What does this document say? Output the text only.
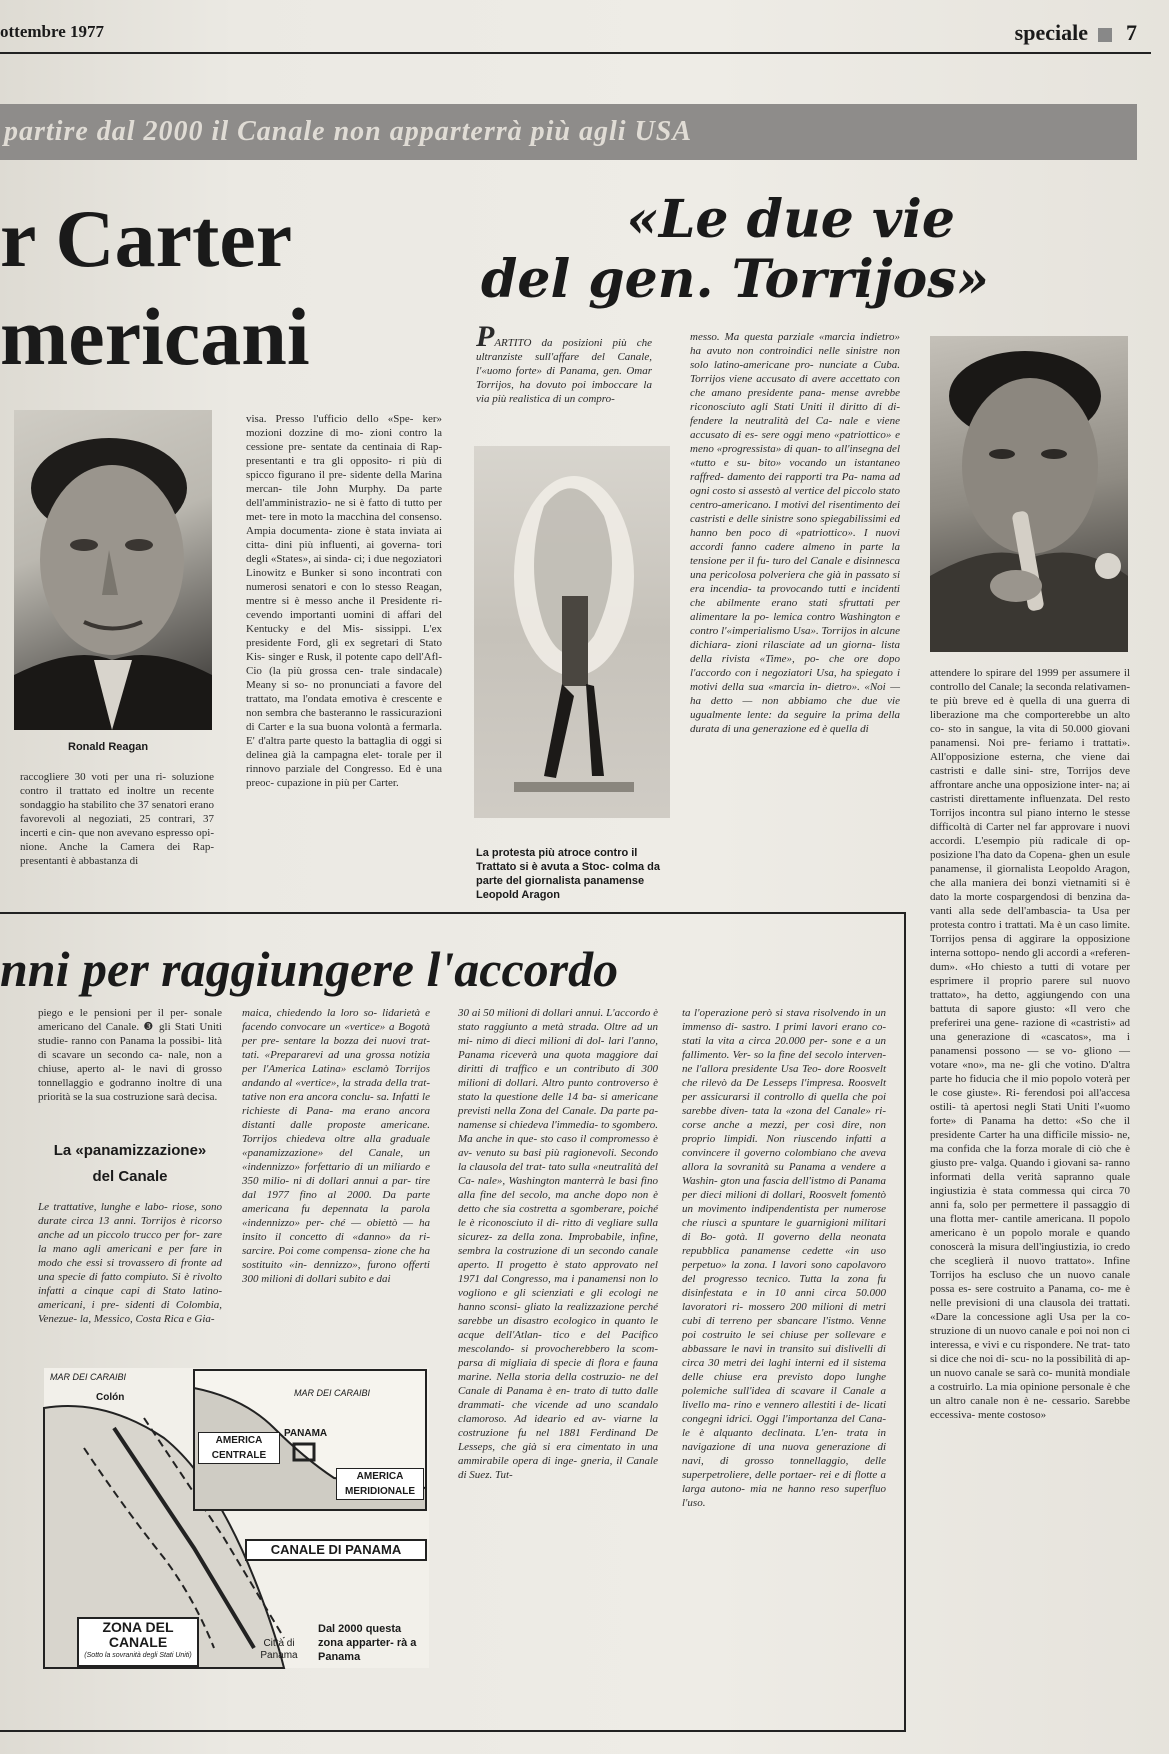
ottembre 1977	speciale 7
partire dal 2000 il Canale non apparterrà più agli USA
r Carter
mericani
Ronald Reagan
raccogliere 30 voti per una ri- soluzione contro il trattato ed inoltre un recente sondaggio ha stabilito che 37 senatori erano favorevoli al negoziati, 25 contrari, 37 incerti e cin- que non avevano espresso opi- nione. Anche la Camera dei Rap- presentanti è abbastanza di
visa. Presso l'ufficio dello «Spe- ker» mozioni dozzine di mo- zioni contro la cessione pre- sentate da centinaia di Rap- presentanti e tra gli opposito- ri più di spicco figurano il pre- sidente della Marina mercan- tile John Murphy. Da parte dell'amministrazio- ne si è fatto di tutto per met- tere in moto la macchina del consenso. Ampia documenta- zione è stata inviata ai citta- dini più influenti, ai governa- tori degli «States», ai sinda- ci; i due negoziatori Linowitz e Bunker si sono incontrati con numerosi senatori e con lo stesso Reagan, mentre si è messo anche il Presidente ri- cevendo importanti uomini di affari del Kentucky e del Mis- sissippi. L'ex presidente Ford, gli ex segretari di Stato Kis- singer e Rusk, il potente capo dell'Afl-Cio (la più grossa cen- trale sindacale) Meany si so- no pronunciati a favore del trattato, ma l'ondata emotiva è crescente e non sembra che basteranno le rassicurazioni di Carter e la sua buona volontà a fermarla. E' d'altra parte questo la battaglia di oggi si delinea già la campagna elet- torale per il rinnovo parziale del Congresso. Ed è una preoc- cupazione in più per Carter.
«Le due vie
del gen. Torrijos»
PARTITO da posizioni più che ultranziste sull'affare del Canale, l'«uomo forte» di Panama, gen. Omar Torrijos, ha dovuto poi imboccare la via più realistica di un compro-
La protesta più atroce contro il Trattato si è avuta a Stoc- colma da parte del giornalista panamense Leopold Aragon
messo. Ma questa parziale «marcia indietro» ha avuto non controindici nelle sinistre non solo latino-americane pro- nunciate a Cuba. Torrijos viene accusato di avere accettato con che amano presidente pana- mense avrebbe riconosciuto agli Stati Uniti il diritto di di- fendere la neutralità del Ca- nale e viene accusato di es- sere oggi meno «patriottico» e meno «progressista» di quan- to all'insegna del «tutto e su- bito» vocando un istantaneo raffred- damento dei rapporti tra Pa- nama ad ogni costo si assestò al vertice del piccolo stato centro-americano. I motivi del risentimento dei castristi e delle sinistre sono spiegabilissimi ed hanno ben poco di «patriottico». I nuovi accordi fanno cadere almeno in parte la tensione per il fu- turo del Canale e disinnesca una pericolosa polveriera che già in passato si era incendia- ta provocando tutti e incidenti che abilmente erano stati sfruttati per alimentare la po- lemica contro Washington e contro l'«imperialismo Usa». Torrijos in alcune dichiara- zioni rilasciate ad un giorna- lista della rivista «Time», po- che ore dopo l'accordo con i negoziatori Usa, ha spiegato i motivi della sua «marcia in- dietro». «Noi — ha detto — non abbiamo che due vie ugualmente lente: da seguire la prima della durata di una generazione ed è quella di
attendere lo spirare del 1999 per assumere il controllo del Canale; la seconda relativamen- te più breve ed è quella di una guerra di liberazione ma che comporterebbe un alto co- sto in sangue, la vita di 50.000 giovani panamensi. Noi pre- feriamo i trattati». All'opposizione esterna, che viene dai castristi e dalle sini- stre, Torrijos deve affrontare anche una opposizione inter- na; ai castristi direttamente influenzata. Del resto Torrijos incontra sul piano interno le stesse difficoltà di Carter nel far approvare i nuovi accordi. L'esempio più radicale di op- posizione l'ha dato da Copena- ghen un esule panamense, il giornalista Leopoldo Aragon, che alla maniera dei bonzi vietnamiti si è dato la morte cospargendosi di benzina da- vanti alla sede dell'ambascia- ta Usa per protesta contro i trattati. Ma è un caso limite. Torrijos pensa di aggirare la opposizione interna sottopo- nendo gli accordi a «referen- dum». «Ho chiesto a tutti di votare per esprimere il proprio parere sul nuovo trattato», ha detto, aggiungendo con una battuta di sapore giusto: «Il vero che preferirei una gene- razione di «castristi» ad una generazione di «cascatos», ma i panamensi possono — se vo- gliono — votare «no», ma ne- gli che votino. D'altra parte ho fiducia che il mio popolo voterà per le cose giuste». Ri- ferendosi poi all'accesa ostili- tà apertosi negli Stati Uniti l'«uomo forte» di Panama ha detto: «So che il presidente Carter ha una difficile missio- ne, ma confida che la forza morale di ciò che è giusto pre- valga. Quando i giovani sa- ranno informati della verità sapranno quale ingiustizia è stata commessa qui circa 70 anni fa, solo per permettere il passaggio di una flotta mer- cantile americana. Il popolo americano è un popolo morale e quando conoscerà la misura dell'ingiustizia, io credo che sceglierà il nuovo trattato». Infine Torrijos ha escluso che un nuovo canale possa es- sere costruito a Panama, co- me è nelle previsioni di una clausola dei trattati. «Dare la concessione agli Usa per la co- struzione di un nuovo canale e poi noi non ci interessa, e vivi e cu rispondere. Ne trat- tato si dice che noi di- scu- no la possibilità di ap- un nuovo canale se sarà co- munità mondiale a costruirlo. La mia opinione personale è che un altro canale non è ne- cessario. Sarebbe eccessiva- mente costoso»
nni per raggiungere l'accordo
piego e le pensioni per il per- sonale americano del Canale. ❸ gli Stati Uniti studie- ranno con Panama la possibi- lità di scavare un secondo ca- nale, non a chiuse, aperto al- le navi di grosso tonnellaggio e godranno inoltre di una priorità se la sua costruzione sarà decisa.
La «panamizzazione»
del Canale
Le trattative, lunghe e labo- riose, sono durate circa 13 anni. Torrijos è ricorso anche ad un piccolo trucco per for- zare la mano agli americani e per fare in modo che essi si trovassero di fronte ad una specie di fatto compiuto. Si è rivolto infatti a cinque capi di Stato latino-americani, i pre- sidenti di Colombia, Venezue- la, Messico, Costa Rica e Gia-
maica, chiedendo la loro so- lidarietà e facendo convocare un «vertice» a Bogotà per pre- sentare la bozza dei nuovi trat- tati. «Prepararevi ad una grossa notizia per l'America Latina» esclamò Torrijos andando al «vertice», la strada della trat- tative non era ancora conclu- sa. Infatti le richieste di Pana- ma erano ancora distanti dalle proposte americane. Torrijos chiedeva oltre alla graduale «panamizzazione» del Canale, un «indennizzo» forfettario di un miliardo e 350 milio- ni di dollari annui a par- tire dal 1977 fino al 2000. Da parte americana fu depennata la parola «indennizzo» per- ché — obiettò — ha insito il concetto di «danno» da ri- sarcire. Poi come compensa- zione che ha sostituito «in- dennizzo», furono offerti 300 milioni di dollari subito e dai
30 ai 50 milioni di dollari annui. L'accordo è stato raggiunto a metà strada. Oltre ad un mi- nimo di dieci milioni di dol- lari l'anno, Panama riceverà una quota maggiore dai diritti di traffico e un contributo di 300 milioni di dollari. Altro punto controverso è stato la questione delle 14 ba- si americane previsti nella Zona del Canale. Da parte pa- namense si chiedeva l'immedia- to sgombero. Ma anche in que- sto caso il compromesso è av- venuto su basi più ragionevoli. Secondo la clausola del trat- tato sulla «neutralità del Ca- nale», Washington manterrà le basi fino alla fine del secolo, ma anche dopo non è detto che sia costretta a sgomberare, poiché le è riconosciuto il di- ritto di vegliare sulla sicurez- za della zona. Improbabile, infine, sembra la costruzione di un secondo canale aperto. Il progetto è stato approvato nel 1971 dal Congresso, ma i panamensi non lo vogliono e gli scienziati e gli ecologi ne hanno sconsi- gliato la realizzazione perché sarebbe un disastro ecologico in quanto le acque dell'Atlan- tico e del Pacifico mescolando- si provocherebbero la scom- parsa di migliaia di specie di flora e fauna marine. Nella storia della costruzio- ne del Canale di Panama è en- trato di tutto dalle drammati- che vicende ad uno scandalo clamoroso. Ad ideario ed av- viarne la costruzione fu nel 1881 Ferdinand De Lesseps, che già si era cimentato in una ammirabile opera di inge- gneria, il Canale di Suez. Tut-
ta l'operazione però si stava risolvendo in un immenso di- sastro. I primi lavori erano co- stati la vita a circa 20.000 per- sone e a un fallimento. Ver- so la fine del secolo interven- ne l'allora presidente Usa Teo- dore Roosvelt che rilevò da De Lesseps l'impresa. Roosvelt per assicurarsi il controllo di quella che poi sarebbe diven- tata la «zona del Canale» ri- corse anche a mezzi, per così dire, non proprio limpidi. Non riuscendo infatti a convincere il governo colombiano che aveva allora la sovranità su Panama a vendere a Washin- gton una fascia dell'istmo di Panama per dieci milioni di dollari, Roosvelt fomentò un movimento indipendentista per numerose che riuscì a spuntare le guarnigioni militari di Bo- gotà. Il governo della neonata repubblica panamense cedette «in uso perpetuo» la zona. I lavori sono capolavoro del progresso tecnico. Tutta la zona fu disinfestata e in 10 anni circa 50.000 lavoratori ri- mossero 200 milioni di metri cubi di terreno per sbancare l'istmo. Venne poi costruito le sei chiuse per sollevare e abbassare le navi in transito sui dislivelli di circa 30 metri dei laghi interni ed il sistema delle chiuse era previsto dopo lunghe polemiche sull'idea di scavare il Canale a livello ma- rino e vennero allestiti i de- licati congegni idrici. Oggi l'importanza del Cana- le è alquanto declinata. L'en- trata in navigazione di una nuova generazione di navi, di grosso tonnellaggio, delle superpetroliere, delle portaer- rei e di flotte a larga autono- mia ne hanno reso superfluo l'uso.
MAR DEI CARAIBI
Colón	MAR DEI CARAIBI
PANAMA
AMERICA CENTRALE
AMERICA MERIDIONALE
CANALE DI PANAMA
ZONA DEL CANALE
(Sotto la sovranità degli Stati Uniti)
Città di Panama
Dal 2000 questa zona apparter- rà a Panama
